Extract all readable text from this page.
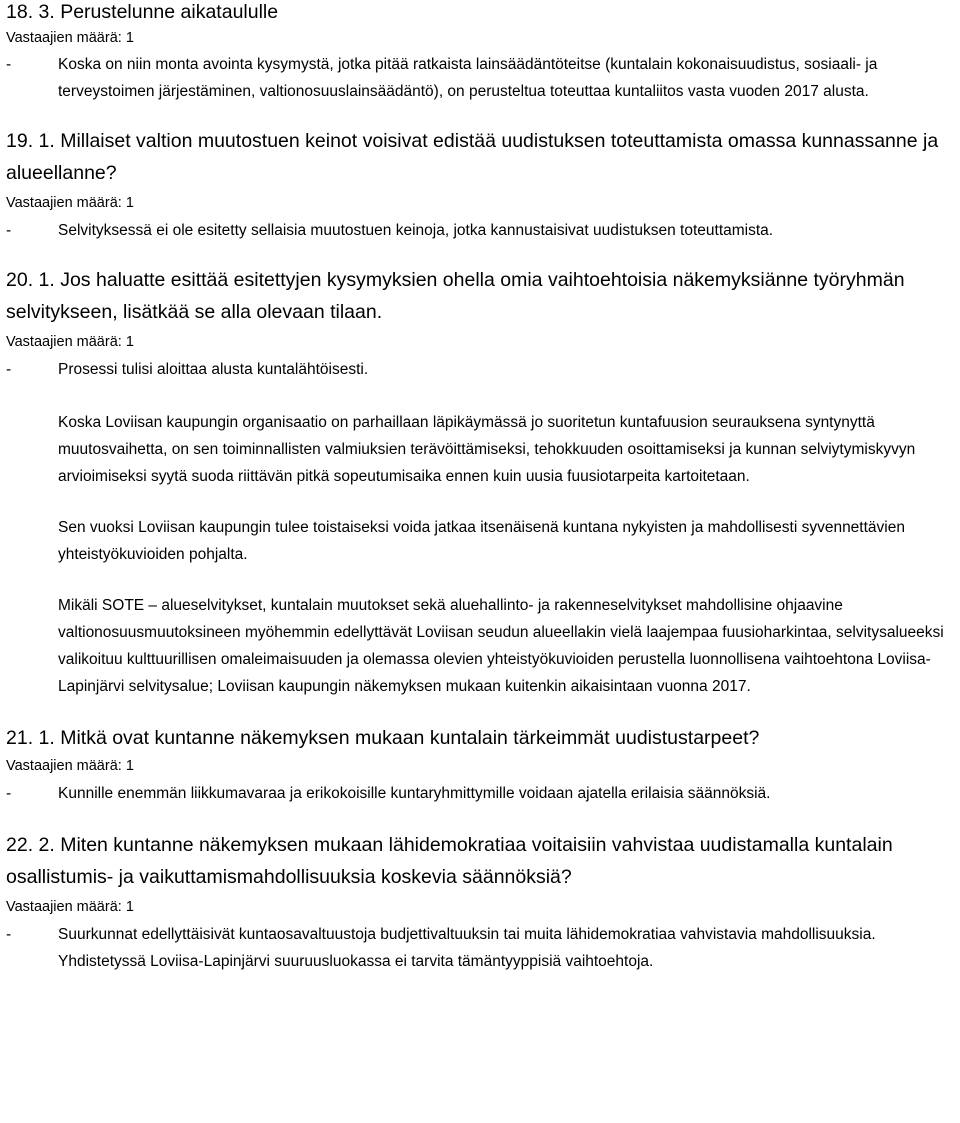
18. 3. Perustelunne aikataululle

Vastaajien määrä: 1

-	Koska on niin monta avointa kysymystä, jotka pitää ratkaista lainsäädäntöteitse (kuntalain kokonaisuudistus, sosiaali- ja terveystoimen järjestäminen, valtionosuuslainsäädäntö), on perusteltua toteuttaa kuntaliitos vasta vuoden 2017 alusta.
19. 1. Millaiset valtion muutostuen keinot voisivat edistää uudistuksen toteuttamista omassa kunnassanne ja alueellanne?

Vastaajien määrä: 1

-	Selvityksessä ei ole esitetty sellaisia muutostuen keinoja, jotka kannustaisivat uudistuksen toteuttamista.
20. 1. Jos haluatte esittää esitettyjen kysymyksien ohella omia vaihtoehtoisia näkemyksiänne työryhmän selvitykseen, lisätkää se alla olevaan tilaan.

Vastaajien määrä: 1

-	Prosessi tulisi aloittaa alusta kuntalähtöisesti.

Koska Loviisan kaupungin organisaatio on parhaillaan läpikäymässä jo suoritetun kuntafuusion seurauksena syntynyttä muutosvaihetta, on sen toiminnallisten valmiuksien terävöittämiseksi, tehokkuuden osoittamiseksi ja kunnan selviytymiskyvyn arvioimiseksi syytä suoda riittävän pitkä sopeutumisaika ennen kuin uusia fuusiotarpeita kartoitetaan.

Sen vuoksi Loviisan kaupungin tulee toistaiseksi voida jatkaa itsenäisenä kuntana nykyisten ja mahdollisesti syvennettävien yhteistyökuvioiden pohjalta.

Mikäli SOTE – alueselvitykset, kuntalain muutokset sekä aluehallinto- ja rakenneselvitykset mahdollisine ohjaavine valtionosuusmuutoksineen myöhemmin edellyttävät Loviisan seudun alueellakin vielä laajempaa fuusioharkintaa, selvitysalueeksi valikoituu kulttuurillisen omaleimaisuuden ja olemassa olevien yhteistyökuvioiden perustella luonnollisena vaihtoehtona Loviisa-Lapinjärvi selvitysalue; Loviisan kaupungin näkemyksen mukaan kuitenkin aikaisintaan vuonna 2017.

21. 1. Mitkä ovat kuntanne näkemyksen mukaan kuntalain tärkeimmät uudistustarpeet?

Vastaajien määrä: 1

-	Kunnille enemmän liikkumavaraa ja erikokoisille kuntaryhmittymille voidaan ajatella erilaisia säännöksiä.
22. 2. Miten kuntanne näkemyksen mukaan lähidemokratiaa voitaisiin vahvistaa uudistamalla kuntalain osallistumis- ja vaikuttamismahdollisuuksia koskevia säännöksiä?

Vastaajien määrä: 1

-	Suurkunnat edellyttäisivät kuntaosavaltuustoja budjettivaltuuksin tai muita lähidemokratiaa vahvistavia mahdollisuuksia. Yhdistetyssä Loviisa-Lapinjärvi suuruusluokassa ei tarvita tämäntyyppisiä vaihtoehtoja.
